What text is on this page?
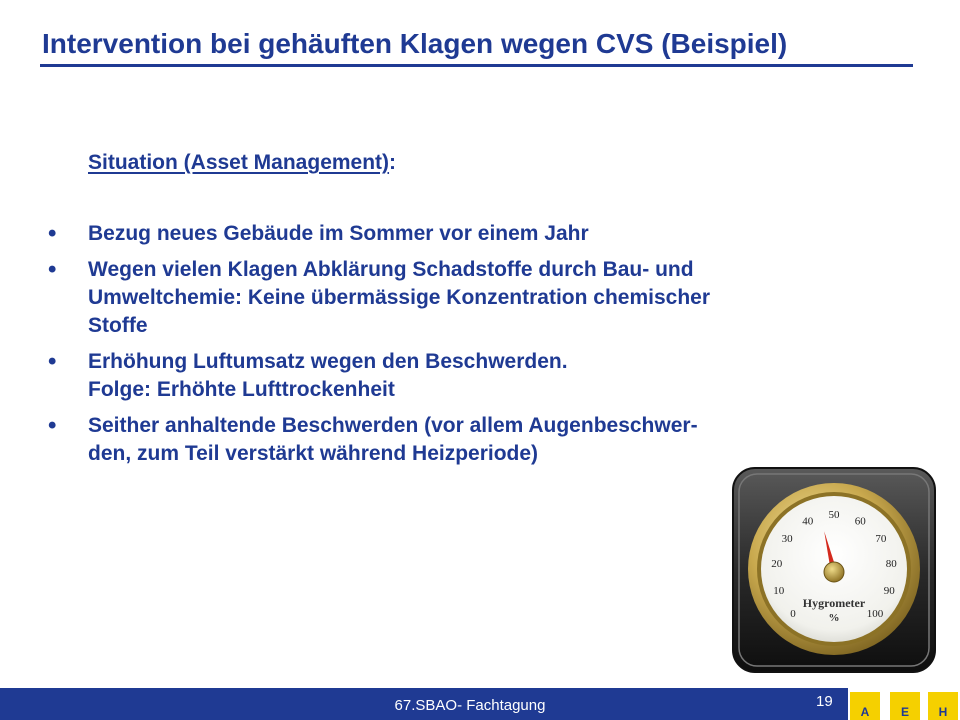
Intervention bei gehäuften Klagen wegen CVS (Beispiel)
Situation (Asset Management):
• Bezug neues Gebäude im Sommer vor einem Jahr
• Wegen vielen Klagen Abklärung Schadstoffe durch Bau- und
Umweltchemie: Keine übermässige Konzentration chemischer
Stoffe
• Erhöhung Luftumsatz wegen den Beschwerden.
Folge: Erhöhte Lufttrockenheit
• Seither anhaltende Beschwerden (vor allem Augenbeschwer-
den, zum Teil verstärkt während Heizperiode)
0
10
20
30
40
50
60
70
80
90
100
Hygrometer
%
67.SBAO- Fachtagung	19
A	E	H
